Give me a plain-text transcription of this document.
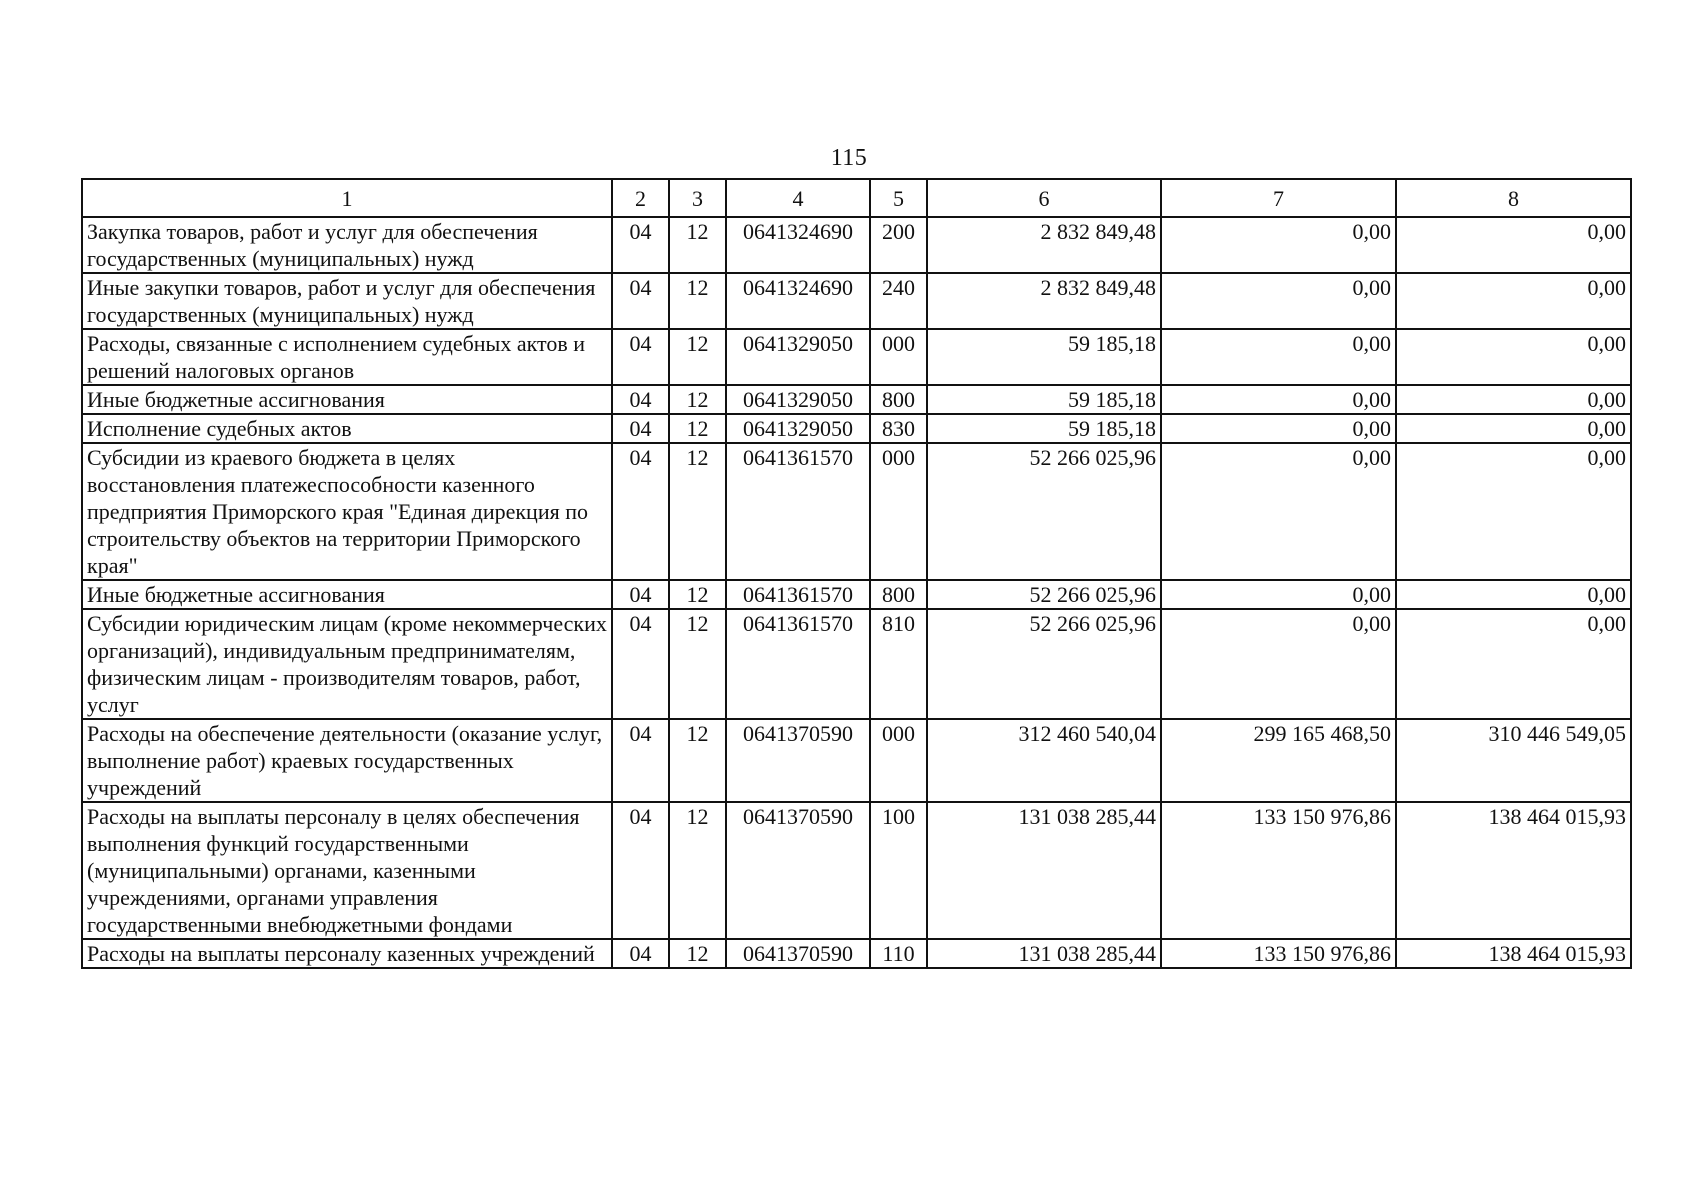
115
1	2	3	4	5	6	7	8
Закупка товаров, работ и услуг для обеспечения государственных (муниципальных) нужд	04	12	0641324690	200	2 832 849,48	0,00	0,00
Иные закупки товаров, работ и услуг для обеспечения государственных (муниципальных) нужд	04	12	0641324690	240	2 832 849,48	0,00	0,00
Расходы, связанные с исполнением судебных актов и решений налоговых органов	04	12	0641329050	000	59 185,18	0,00	0,00
Иные бюджетные ассигнования	04	12	0641329050	800	59 185,18	0,00	0,00
Исполнение судебных актов	04	12	0641329050	830	59 185,18	0,00	0,00
Субсидии из краевого бюджета в целях восстановления платежеспособности казенного предприятия Приморского края "Единая дирекция по строительству объектов на территории Приморского края"	04	12	0641361570	000	52 266 025,96	0,00	0,00
Иные бюджетные ассигнования	04	12	0641361570	800	52 266 025,96	0,00	0,00
Субсидии юридическим лицам (кроме некоммерческих организаций), индивидуальным предпринимателям, физическим лицам - производителям товаров, работ, услуг	04	12	0641361570	810	52 266 025,96	0,00	0,00
Расходы на обеспечение деятельности (оказание услуг, выполнение работ) краевых государственных учреждений	04	12	0641370590	000	312 460 540,04	299 165 468,50	310 446 549,05
Расходы на выплаты персоналу в целях обеспечения выполнения функций государственными (муниципальными) органами, казенными учреждениями, органами управления государственными внебюджетными фондами	04	12	0641370590	100	131 038 285,44	133 150 976,86	138 464 015,93
Расходы на выплаты персоналу казенных учреждений	04	12	0641370590	110	131 038 285,44	133 150 976,86	138 464 015,93
